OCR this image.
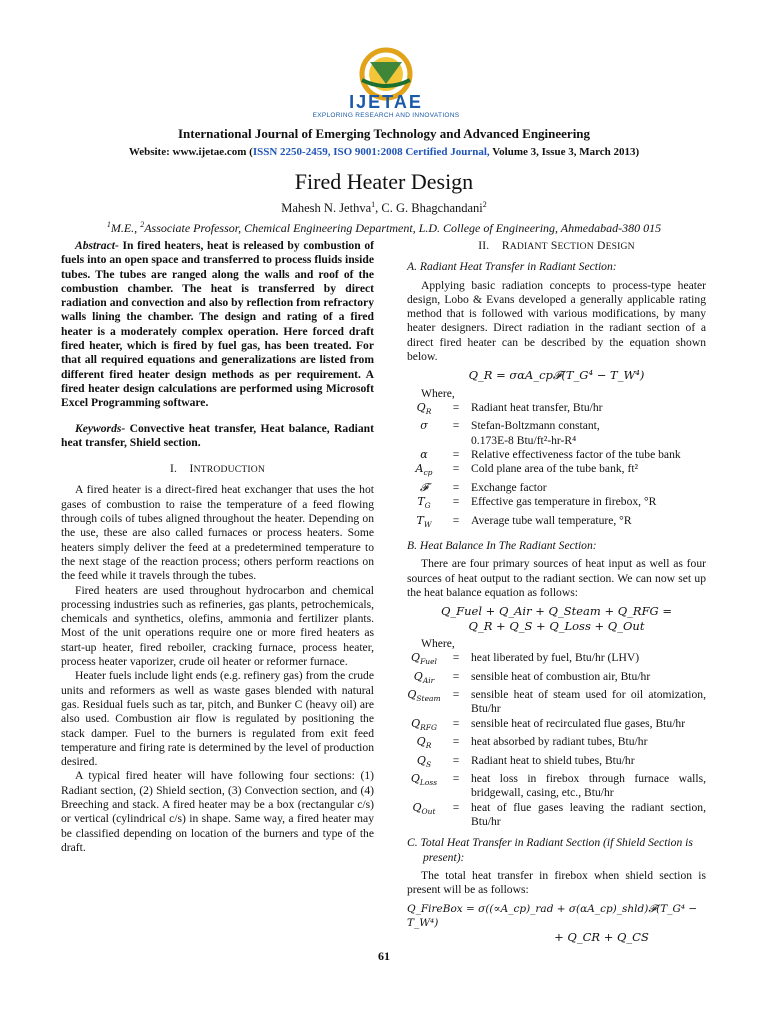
IJETAE
EXPLORING RESEARCH AND INNOVATIONS
International Journal of Emerging Technology and Advanced Engineering
Website: www.ijetae.com (ISSN 2250-2459, ISO 9001:2008 Certified Journal, Volume 3, Issue 3, March 2013)
Fired Heater Design
Mahesh N. Jethva$^1$, C. G. Bhagchandani$^2$
$^1$M.E., $^2$Associate Professor, Chemical Engineering Department, L.D. College of Engineering, Ahmedabad-380 015

Abstract- In fired heaters, heat is released by combustion of fuels into an open space and transferred to process fluids inside tubes. The tubes are ranged along the walls and roof of the combustion chamber. The heat is transferred by direct radiation and convection and also by reflection from refractory walls lining the chamber. The design and rating of a fired heater is a moderately complex operation. Here forced draft fired heater, which is fired by fuel gas, has been treated. For that all required equations and generalizations are listed from different fired heater design methods as per requirement. A fired heater design calculations are performed using Microsoft Excel Programming software.

Keywords- Convective heat transfer, Heat balance, Radiant heat transfer, Shield section.

I. INTRODUCTION

A fired heater is a direct-fired heat exchanger that uses the hot gases of combustion to raise the temperature of a feed flowing through coils of tubes aligned throughout the heater. Depending on the use, these are also called furnaces or process heaters. Some heaters simply deliver the feed at a predetermined temperature to the next stage of the reaction process; others perform reactions on the feed while it travels through the tubes.

Fired heaters are used throughout hydrocarbon and chemical processing industries such as refineries, gas plants, petrochemicals, chemicals and synthetics, olefins, ammonia and fertilizer plants. Most of the unit operations require one or more fired heaters as start-up heater, fired reboiler, cracking furnace, process heater, process heater vaporizer, crude oil heater or reformer furnace.

Heater fuels include light ends (e.g. refinery gas) from the crude units and reformers as well as waste gases blended with natural gas. Residual fuels such as tar, pitch, and Bunker C (heavy oil) are also used. Combustion air flow is regulated by positioning the stack damper. Fuel to the burners is regulated from exit feed temperature and firing rate is determined by the level of production desired.

A typical fired heater will have following four sections: (1) Radiant section, (2) Shield section, (3) Convection section, and (4) Breeching and stack. A fired heater may be a box (rectangular c/s) or vertical (cylindrical c/s) in shape. Same way, a fired heater may be classified depending on location of the burners and type of the draft.

II. RADIANT SECTION DESIGN
A. Radiant Heat Transfer in Radiant Section:

Applying basic radiation concepts to process-type heater design, Lobo & Evans developed a generally applicable rating method that is followed with various modifications, by many heater designers. Direct radiation in the radiant section of a direct fired heater can be described by the equation shown below.

Q_R = σαA_cp𝓕(T_G⁴ − T_W⁴)
Where,
$Q_R$	=	Radiant heat transfer, Btu/hr
σ	=	Stefan-Boltzmann constant,
		0.173E-8 Btu/ft²-hr-R⁴
α	=	Relative effectiveness factor of the tube bank
$A_{cp}$	=	Cold plane area of the tube bank, ft²
𝓕	=	Exchange factor
$T_G$	=	Effective gas temperature in firebox, °R
$T_W$	=	Average tube wall temperature, °R
B. Heat Balance In The Radiant Section:

There are four primary sources of heat input as well as four sources of heat output to the radiant section. We can now set up the heat balance equation as follows:

Q_Fuel + Q_Air + Q_Steam + Q_RFG =
Q_R + Q_S + Q_Loss + Q_Out
Where,
$Q_{Fuel}$	=	heat liberated by fuel, Btu/hr (LHV)
$Q_{Air}$	=	sensible heat of combustion air, Btu/hr
$Q_{Steam}$	=	sensible heat of steam used for oil atomization, Btu/hr
$Q_{RFG}$	=	sensible heat of recirculated flue gases, Btu/hr
$Q_R$	=	heat absorbed by radiant tubes, Btu/hr
$Q_S$	=	Radiant heat to shield tubes, Btu/hr
$Q_{Loss}$	=	heat loss in firebox through furnace walls, bridgewall, casing, etc., Btu/hr
$Q_{Out}$	=	heat of flue gases leaving the radiant section, Btu/hr
C. Total Heat Transfer in Radiant Section (if Shield Section is present):

The total heat transfer in firebox when shield section is present will be as follows:

Q_FireBox = σ((∝A_cp)_rad + σ(αA_cp)_shld)𝓕(T_G⁴ − T_W⁴)
+ Q_CR + Q_CS
61
